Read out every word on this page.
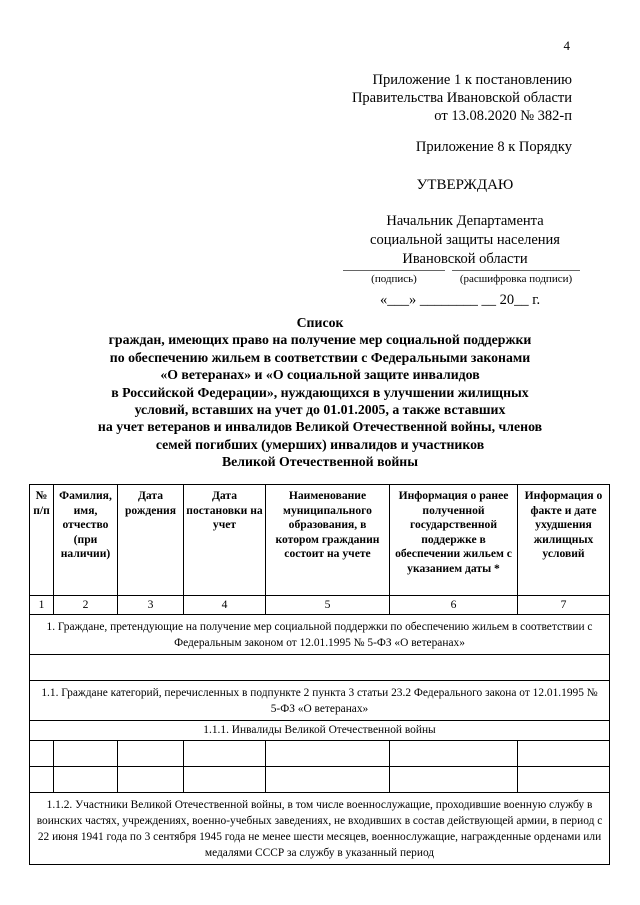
4
Приложение 1 к постановлению
Правительства Ивановской области
от 13.08.2020 № 382-п
Приложение 8 к Порядку
УТВЕРЖДАЮ
Начальник Департамента
социальной защиты населения
Ивановской области
(подпись)	(расшифровка подписи)
«___» ________ __ 20__ г.
Список
граждан, имеющих право на получение мер социальной поддержки
по обеспечению жильем в соответствии с Федеральными законами
«О ветеранах» и «О социальной защите инвалидов
в Российской Федерации», нуждающихся в улучшении жилищных
условий, вставших на учет до 01.01.2005, а также вставших
на учет ветеранов и инвалидов Великой Отечественной войны, членов
семей погибших (умерших) инвалидов и участников
Великой Отечественной войны
№ п/п	Фамилия, имя, отчество (при наличии)	Дата рождения	Дата постановки на учет	Наименование муниципального образования, в котором гражданин состоит на учете	Информация о ранее полученной государственной поддержке в обеспечении жильем с указанием даты *	Информация о факте и дате ухудшения жилищных условий
1	2	3	4	5	6	7
1. Граждане, претендующие на получение мер социальной поддержки по обеспечению жильем в соответствии с Федеральным законом от 12.01.1995 № 5-ФЗ «О ветеранах»						

1.1. Граждане категорий, перечисленных в подпункте 2 пункта 3 статьи 23.2 Федерального закона от 12.01.1995 № 5-ФЗ «О ветеранах»						
1.1.1. Инвалиды Великой Отечественной войны						

1.1.2. Участники Великой Отечественной войны, в том числе военнослужащие, проходившие военную службу в воинских частях, учреждениях, военно-учебных заведениях, не входивших в состав действующей армии, в период с 22 июня 1941 года по 3 сентября 1945 года не менее шести месяцев, военнослужащие, награжденные орденами или медалями СССР за службу в указанный период						
